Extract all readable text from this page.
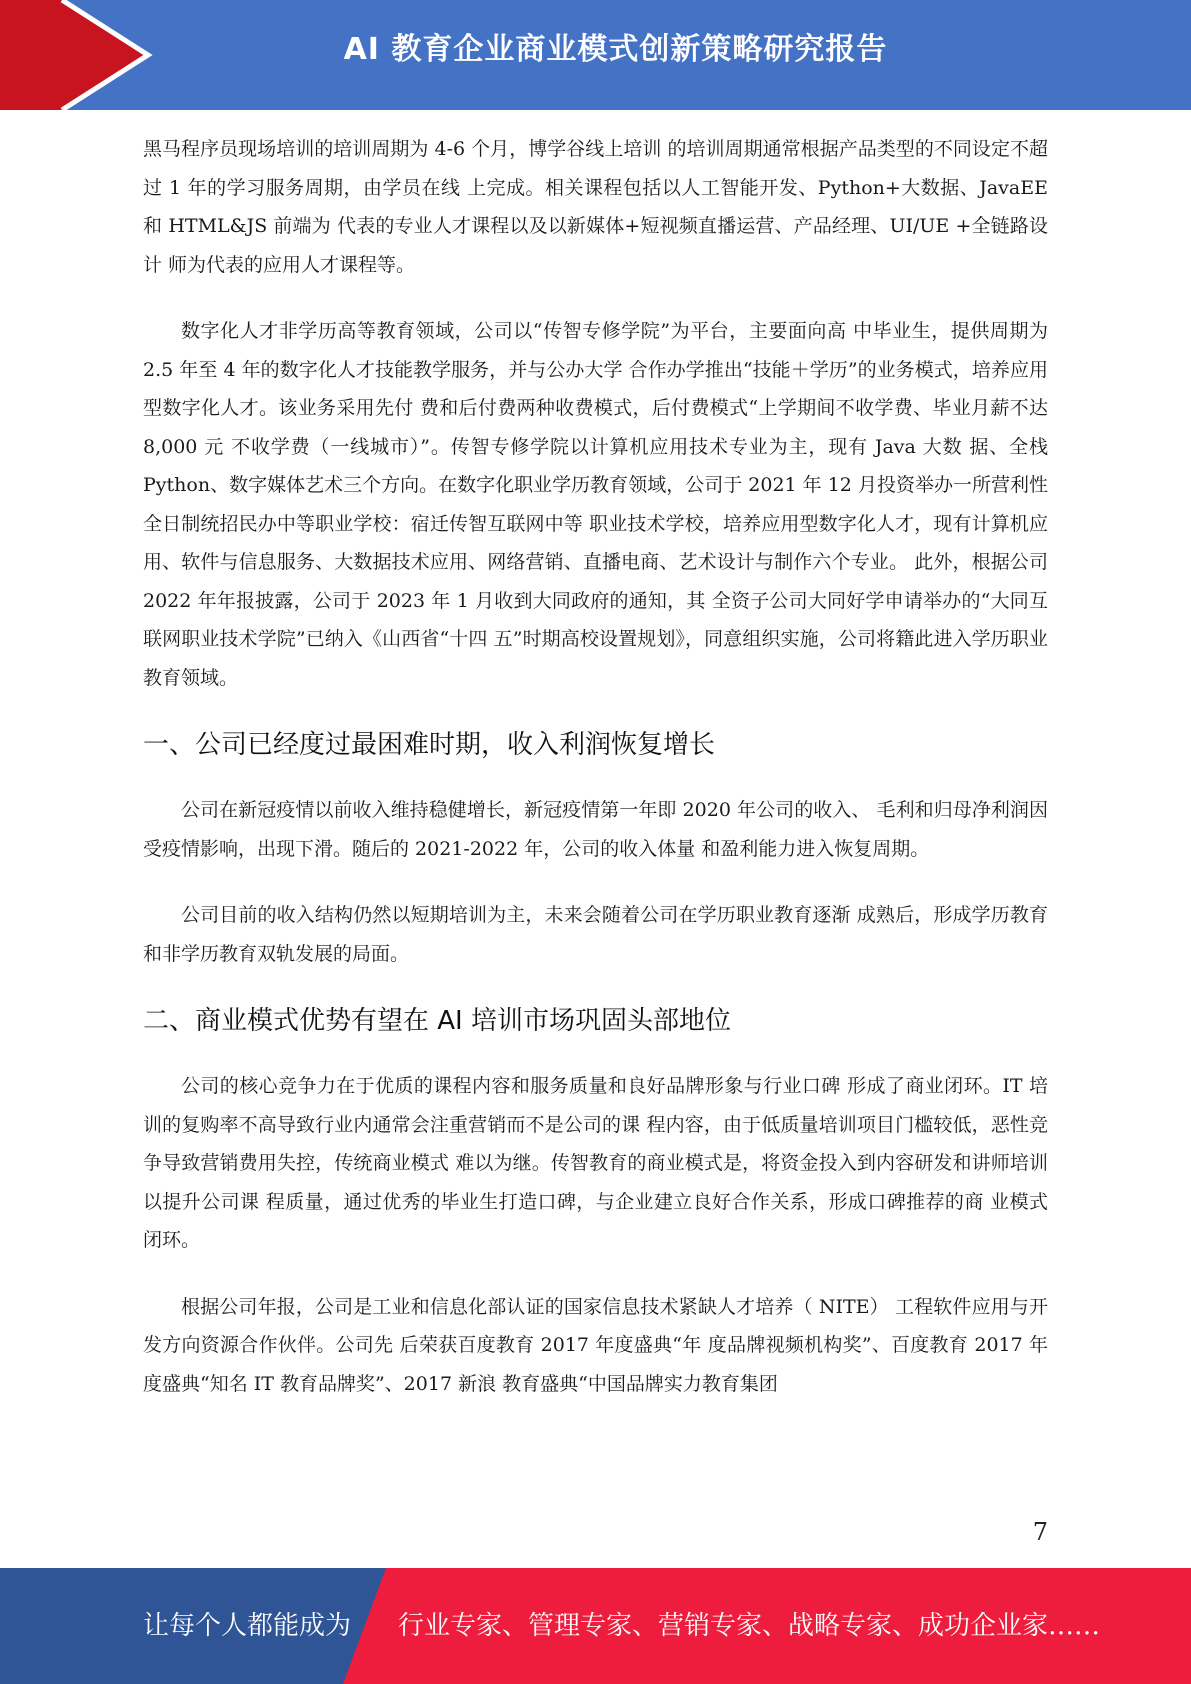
AI 教育企业商业模式创新策略研究报告

黑马程序员现场培训的培训周期为 4-6 个月，博学谷线上培训 的培训周期通常根据产品类型的不同设定不超过 1 年的学习服务周期，由学员在线 上完成。相关课程包括以人工智能开发、Python+大数据、JavaEE 和 HTML&JS 前端为 代表的专业人才课程以及以新媒体+短视频直播运营、产品经理、UI/UE +全链路设计 师为代表的应用人才课程等。

数字化人才非学历高等教育领域，公司以“传智专修学院”为平台，主要面向高 中毕业生，提供周期为 2.5 年至 4 年的数字化人才技能教学服务，并与公办大学 合作办学推出“技能＋学历”的业务模式，培养应用型数字化人才。该业务采用先付 费和后付费两种收费模式，后付费模式“上学期间不收学费、毕业月薪不达 8,000 元 不收学费（一线城市）”。传智专修学院以计算机应用技术专业为主，现有 Java 大数 据、全栈 Python、数字媒体艺术三个方向。在数字化职业学历教育领域，公司于 2021 年 12 月投资举办一所营利性全日制统招民办中等职业学校：宿迁传智互联网中等 职业技术学校，培养应用型数字化人才，现有计算机应用、软件与信息服务、大数据技术应用、网络营销、直播电商、艺术设计与制作六个专业。 此外，根据公司 2022 年年报披露，公司于 2023 年 1 月收到大同政府的通知，其 全资子公司大同好学申请举办的“大同互联网职业技术学院”已纳入《山西省“十四 五”时期高校设置规划》，同意组织实施，公司将籍此进入学历职业教育领域。

一、公司已经度过最困难时期，收入利润恢复增长

公司在新冠疫情以前收入维持稳健增长，新冠疫情第一年即 2020 年公司的收入、 毛利和归母净利润因受疫情影响，出现下滑。随后的 2021-2022 年，公司的收入体量 和盈利能力进入恢复周期。

公司目前的收入结构仍然以短期培训为主，未来会随着公司在学历职业教育逐渐 成熟后，形成学历教育和非学历教育双轨发展的局面。

二、商业模式优势有望在 AI 培训市场巩固头部地位

公司的核心竞争力在于优质的课程内容和服务质量和良好品牌形象与行业口碑 形成了商业闭环。IT 培训的复购率不高导致行业内通常会注重营销而不是公司的课 程内容，由于低质量培训项目门槛较低，恶性竞争导致营销费用失控，传统商业模式 难以为继。传智教育的商业模式是，将资金投入到内容研发和讲师培训以提升公司课 程质量，通过优秀的毕业生打造口碑，与企业建立良好合作关系，形成口碑推荐的商 业模式闭环。

根据公司年报，公司是工业和信息化部认证的国家信息技术紧缺人才培养（ NITE） 工程软件应用与开发方向资源合作伙伴。公司先 后荣获百度教育 2017 年度盛典“年 度品牌视频机构奖”、百度教育 2017 年度盛典“知名 IT 教育品牌奖”、2017 新浪 教育盛典“中国品牌实力教育集团

7
让每个人都能成为 行业专家、管理专家、营销专家、战略专家、成功企业家……
